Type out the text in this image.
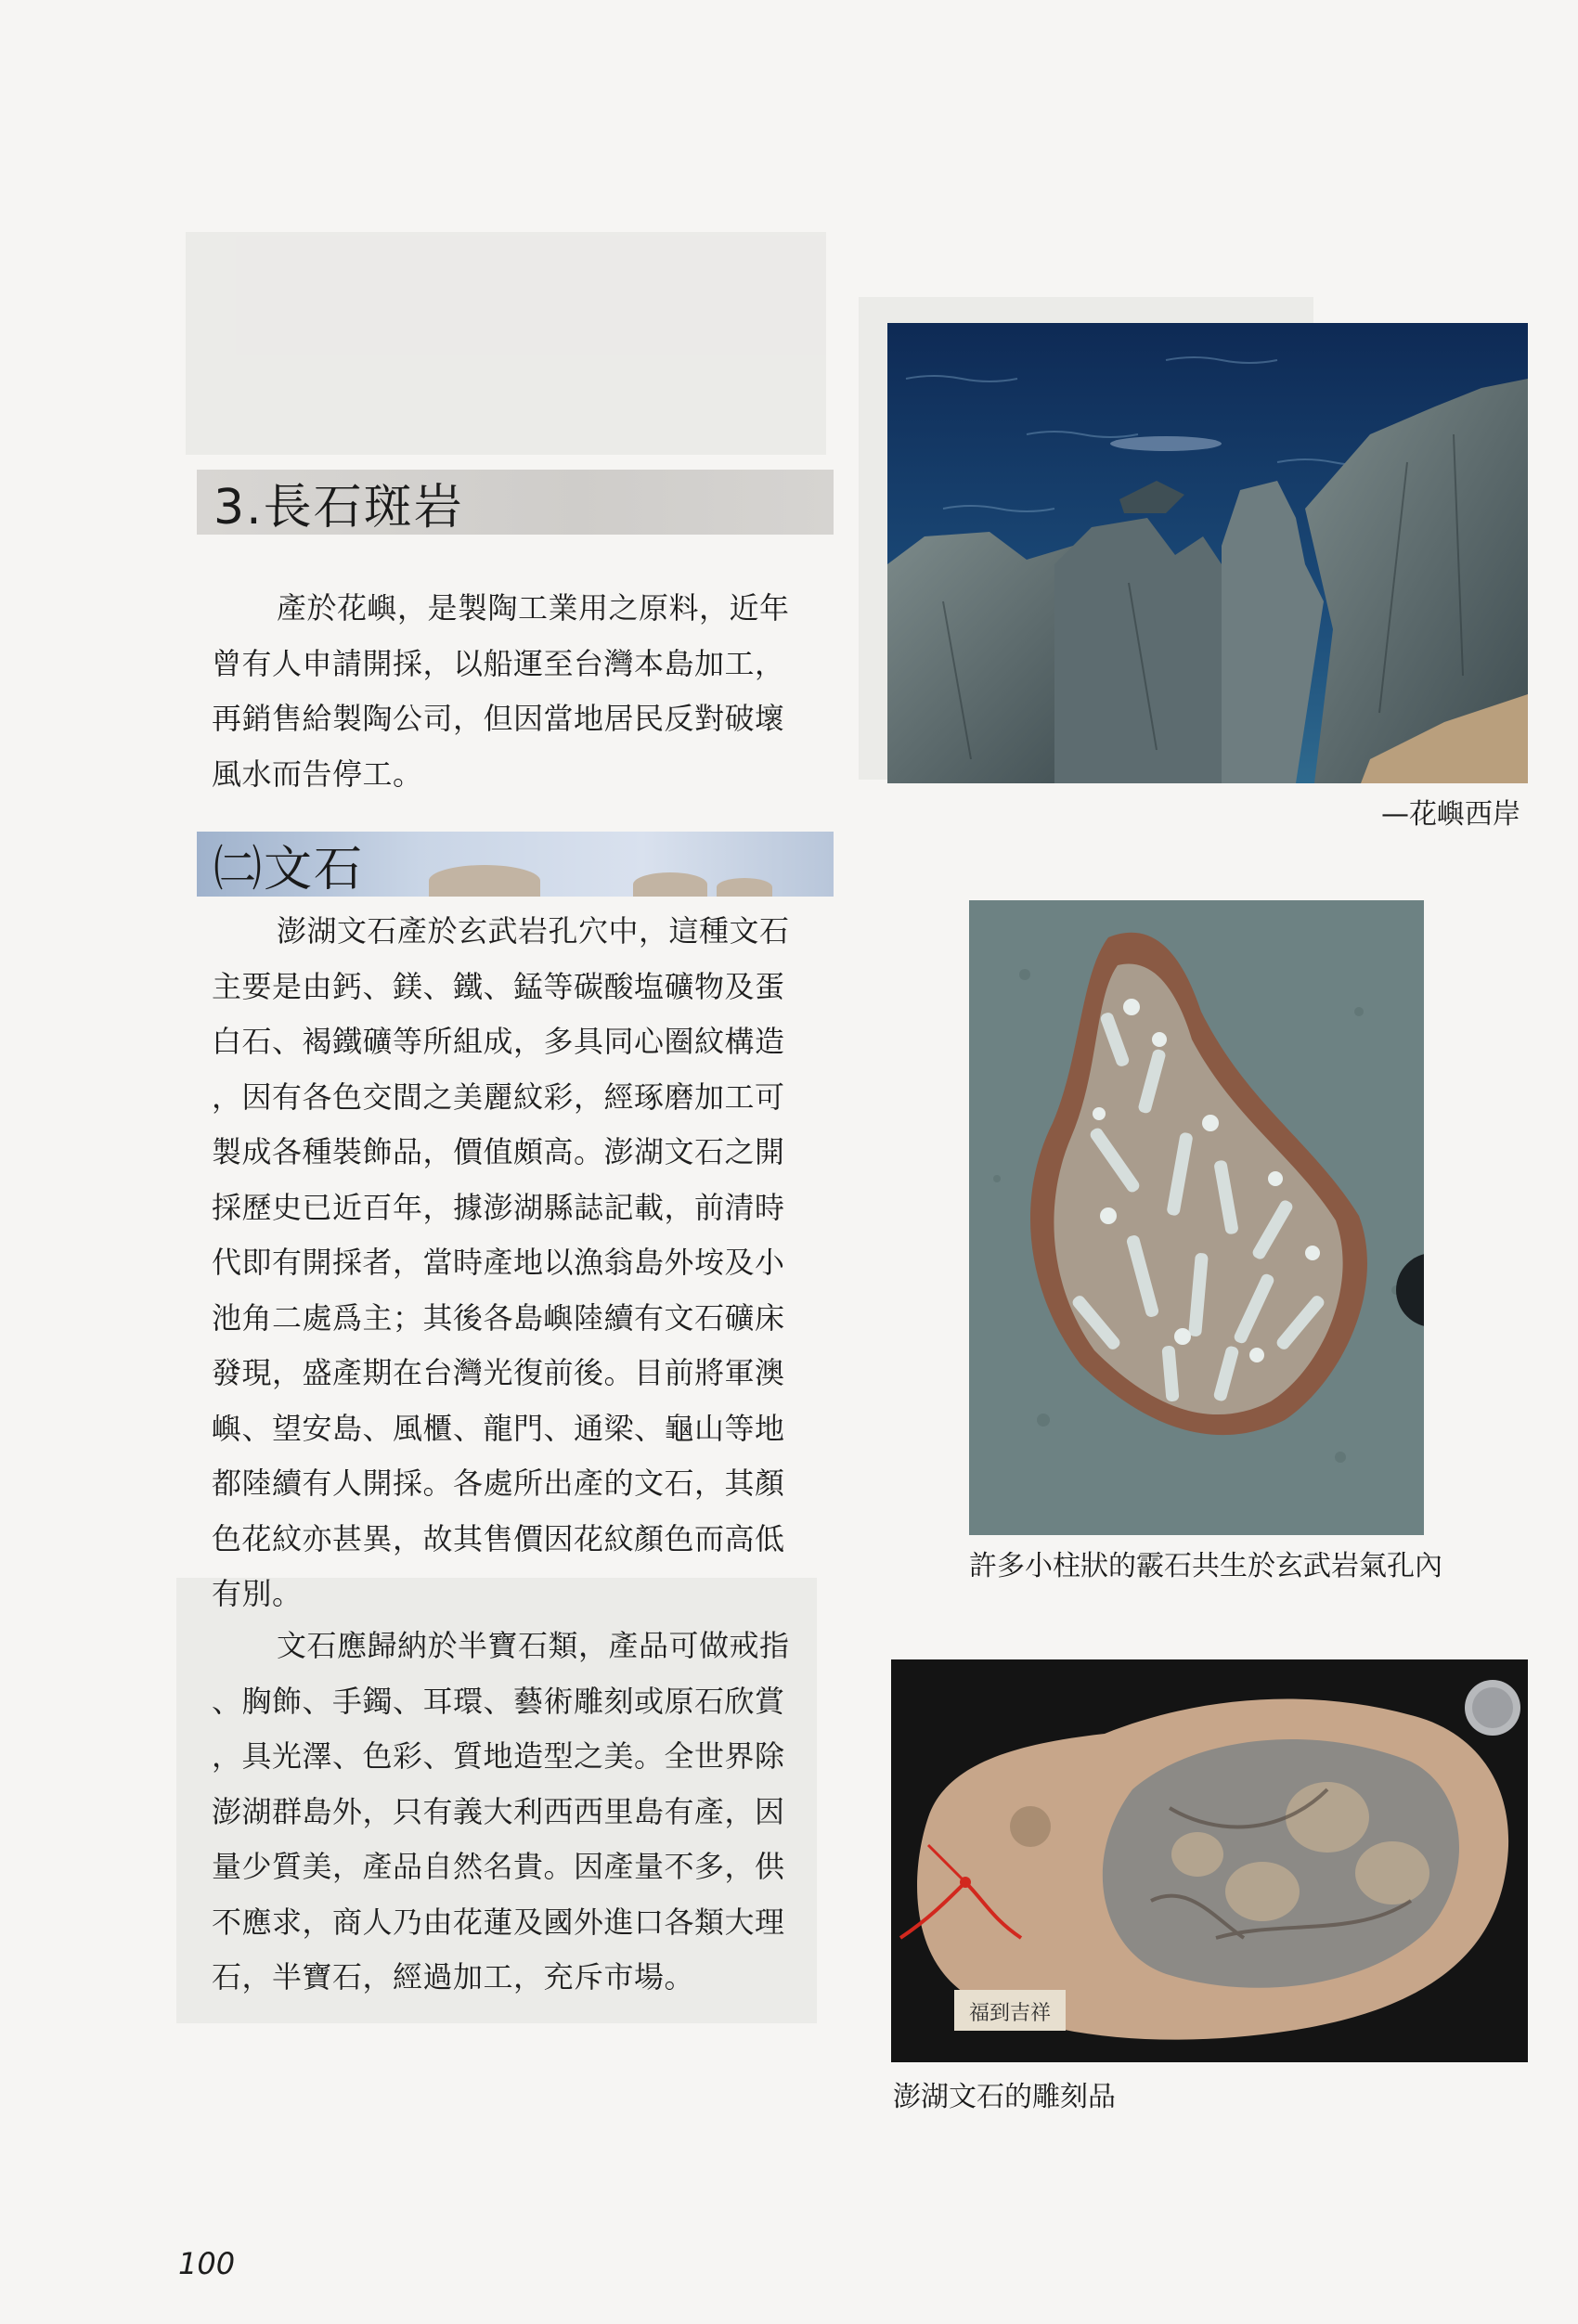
3.長石斑岩

產於花嶼，是製陶工業用之原料，近年
曾有人申請開採，以船運至台灣本島加工，
再銷售給製陶公司，但因當地居民反對破壞
風水而告停工。

㈡文石

澎湖文石產於玄武岩孔穴中，這種文石
主要是由鈣、鎂、鐵、錳等碳酸塩礦物及蛋
白石、褐鐵礦等所組成，多具同心圈紋構造
，因有各色交間之美麗紋彩，經琢磨加工可
製成各種裝飾品，價值頗高。澎湖文石之開
採歷史已近百年，據澎湖縣誌記載，前清時
代即有開採者，當時產地以漁翁島外垵及小
池角二處爲主；其後各島嶼陸續有文石礦床
發現，盛產期在台灣光復前後。目前將軍澳
嶼、望安島、風櫃、龍門、通梁、龜山等地
都陸續有人開採。各處所出產的文石，其顏
色花紋亦甚異，故其售價因花紋顏色而高低
有別。

文石應歸納於半寶石類，產品可做戒指
、胸飾、手鐲、耳環、藝術雕刻或原石欣賞
，具光澤、色彩、質地造型之美。全世界除
澎湖群島外，只有義大利西西里島有產，因
量少質美，產品自然名貴。因產量不多，供
不應求，商人乃由花蓮及國外進口各類大理
石，半寶石，經過加工，充斥市場。

—花嶼西岸
許多小柱狀的霰石共生於玄武岩氣孔內
福到吉祥
澎湖文石的雕刻品
100
